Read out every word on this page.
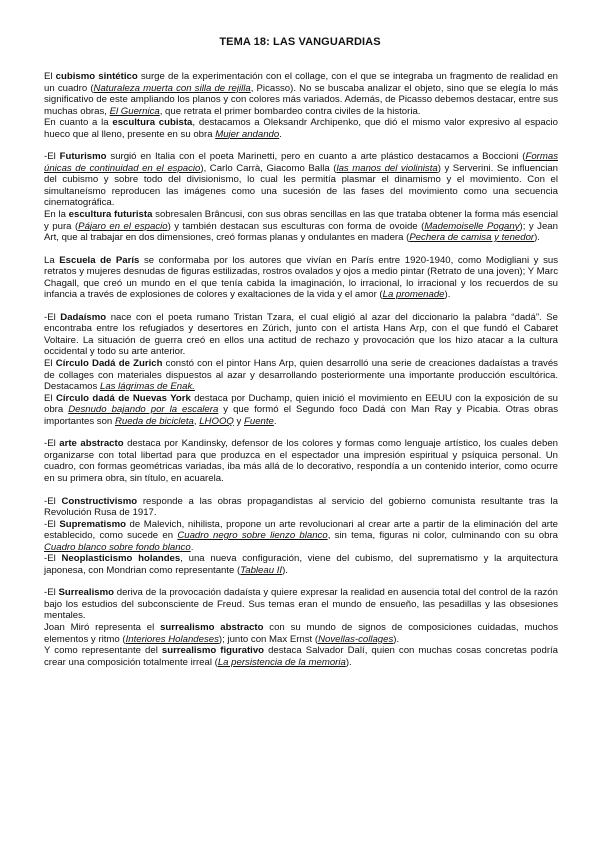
TEMA 18: LAS VANGUARDIAS

El cubismo sintético surge de la experimentación con el collage, con el que se integraba un fragmento de realidad en un cuadro (Naturaleza muerta con silla de rejilla, Picasso). No se buscaba analizar el objeto, sino que se elegía lo más significativo de este ampliando los planos y con colores más variados. Además, de Picasso debemos destacar, entre sus muchas obras, El Guernica, que retrata el primer bombardeo contra civiles de la historia.

En cuanto a la escultura cubista, destacamos a Oleksandr Archipenko, que dió el mismo valor expresivo al espacio hueco que al lleno, presente en su obra Mujer andando.

-El Futurismo surgió en Italia con el poeta Marinetti, pero en cuanto a arte plástico destacamos a Boccioni (Formas únicas de continuidad en el espacio), Carlo Carrà, Giacomo Balla (las manos del violinista) y Serverini. Se influencian del cubismo y sobre todo del divisionismo, lo cual les permitía plasmar el dinamismo y el movimiento. Con el simultaneísmo reproducen las imágenes como una sucesión de las fases del movimiento como una secuencia cinematográfica.

En la escultura futurista sobresalen Brâncusi, con sus obras sencillas en las que trataba obtener la forma más esencial y pura (Pájaro en el espacio) y también destacan sus esculturas con forma de ovoide (Mademoiselle Pogany); y Jean Art, que al trabajar en dos dimensiones, creó formas planas y ondulantes en madera (Pechera de camisa y tenedor).

La Escuela de París se conformaba por los autores que vivían en París entre 1920-1940, como Modigliani y sus retratos y mujeres desnudas de figuras estilizadas, rostros ovalados y ojos a medio pintar (Retrato de una joven); Y Marc Chagall, que creó un mundo en el que tenía cabida la imaginación, lo irracional, lo irracional y los recuerdos de su infancia a través de explosiones de colores y exaltaciones de la vida y el amor (La promenade).

-El Dadaísmo nace con el poeta rumano Tristan Tzara, el cual eligió al azar del diccionario la palabra “dadá”. Se encontraba entre los refugiados y desertores en Zúrich, junto con el artista Hans Arp, con el que fundó el Cabaret Voltaire. La situación de guerra creó en ellos una actitud de rechazo y provocación que los hizo atacar a la cultura occidental y todo su arte anterior.

El Círculo Dadá de Zurich constó con el pintor Hans Arp, quien desarrolló una serie de creaciones dadaístas a través de collages con materiales dispuestos al azar y desarrollando posteriormente una importante producción escultórica. Destacamos Las lágrimas de Enak.

El Círculo dadá de Nuevas York destaca por Duchamp, quien inició el movimiento en EEUU con la exposición de su obra Desnudo bajando por la escalera y que formó el Segundo foco Dadá con Man Ray y Picabia. Otras obras importantes son Rueda de bicicleta, LHOOQ y Fuente.

-El arte abstracto destaca por Kandinsky, defensor de los colores y formas como lenguaje artístico, los cuales deben organizarse con total libertad para que produzca en el espectador una impresión espiritual y psíquica personal. Un cuadro, con formas geométricas variadas, iba más allá de lo decorativo, respondía a un contenido interior, como ocurre en su primera obra, sin título, en acuarela.

-El Constructivismo responde a las obras propagandistas al servicio del gobierno comunista resultante tras la Revolución Rusa de 1917.

-El Suprematismo de Malevich, nihilista, propone un arte revolucionari al crear arte a partir de la eliminación del arte establecido, como sucede en Cuadro negro sobre lienzo blanco, sin tema, figuras ni color, culminando con su obra Cuadro blanco sobre fondo blanco.

-El Neoplasticismo holandes, una nueva configuración, viene del cubismo, del suprematismo y la arquitectura japonesa, con Mondrian como representante (Tableau II).

-El Surrealismo deriva de la provocación dadaísta y quiere expresar la realidad en ausencia total del control de la razón bajo los estudios del subconsciente de Freud. Sus temas eran el mundo de ensueño, las pesadillas y las obsesiones mentales.

Joan Miró representa el surrealismo abstracto con su mundo de signos de composiciones cuidadas, muchos elementos y ritmo (Interiores Holandeses); junto con Max Ernst (Novellas-collages).

Y como representante del surrealismo figurativo destaca Salvador Dalí, quien con muchas cosas concretas podría crear una composición totalmente irreal (La persistencia de la memoria).
